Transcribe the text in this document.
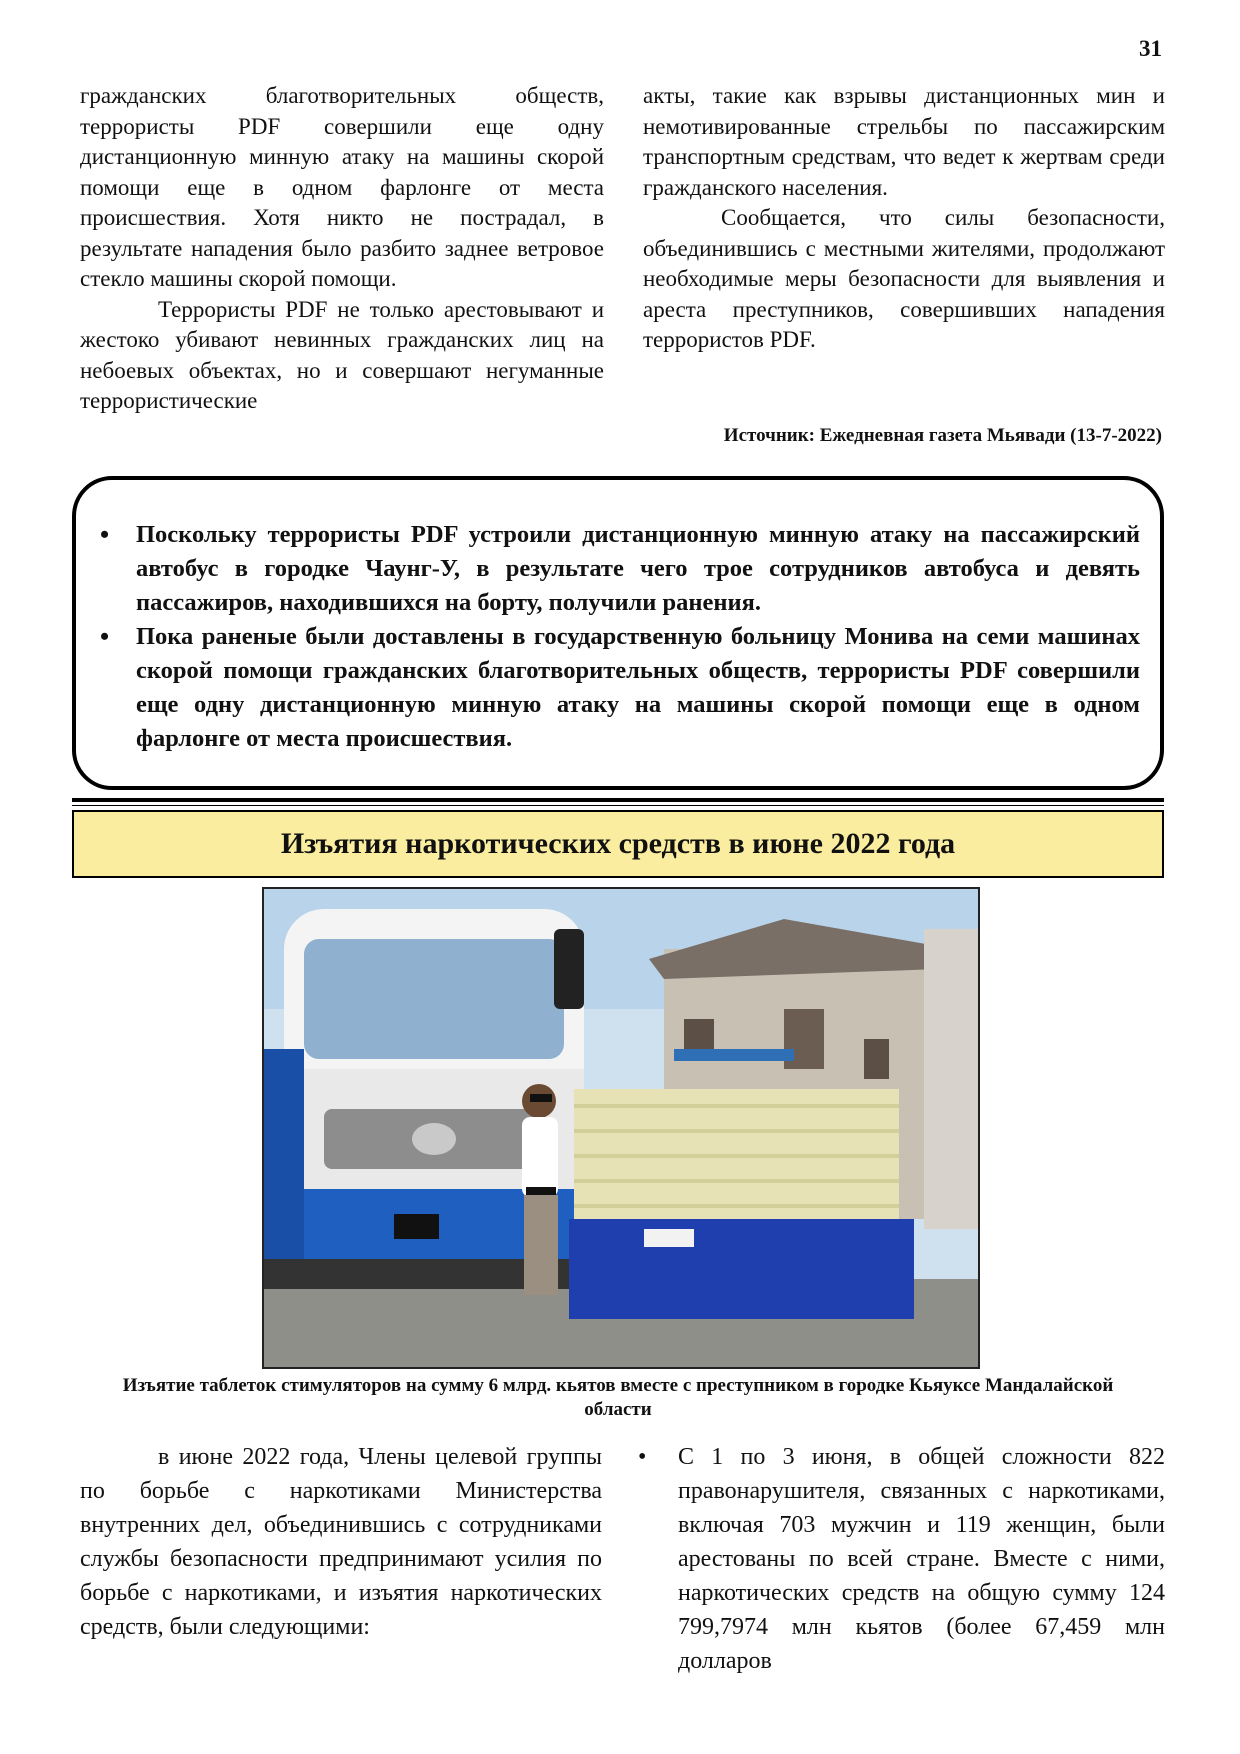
31

гражданских благотворительных обществ, террористы PDF совершили еще одну дистанционную минную атаку на машины скорой помощи еще в одном фарлонге от места происшествия. Хотя никто не пострадал, в результате нападения было разбито заднее ветровое стекло машины скорой помощи.

Террористы PDF не только арестовывают и жестоко убивают невинных гражданских лиц на небоевых объектах, но и совершают негуманные террористические

акты, такие как взрывы дистанционных мин и немотивированные стрельбы по пассажирским транспортным средствам, что ведет к жертвам среди гражданского населения.

Сообщается, что силы безопасности, объединившись с местными жителями, продолжают необходимые меры безопасности для выявления и ареста преступников, совершивших нападения террористов PDF.

Источник: Ежедневная газета Мьявади (13-7-2022)
• Поскольку террористы PDF устроили дистанционную минную атаку на пассажирский автобус в городке Чаунг-У, в результате чего трое сотрудников автобуса и девять пассажиров, находившихся на борту, получили ранения.
• Пока раненые были доставлены в государственную больницу Монива на семи машинах скорой помощи гражданских благотворительных обществ, террористы PDF совершили еще одну дистанционную минную атаку на машины скорой помощи еще в одном фарлонге от места происшествия.
Изъятия наркотических средств в июне 2022 года
Изъятие таблеток стимуляторов на сумму 6 млрд. кьятов вместе с преступником в городке Кьяуксе Мандалайской области

в июне 2022 года, Члены целевой группы по борьбе с наркотиками Министерства внутренних дел, объединившись с сотрудниками службы безопасности предпринимают усилия по борьбе с наркотиками, и изъятия наркотических средств, были следующими:

•	С 1 по 3 июня, в общей сложности 822 правонарушителя, связанных с наркотиками, включая 703 мужчин и 119 женщин, были арестованы по всей стране. Вместе с ними, наркотических средств на общую сумму 124 799,7974 млн кьятов (более 67,459 млн долларов
